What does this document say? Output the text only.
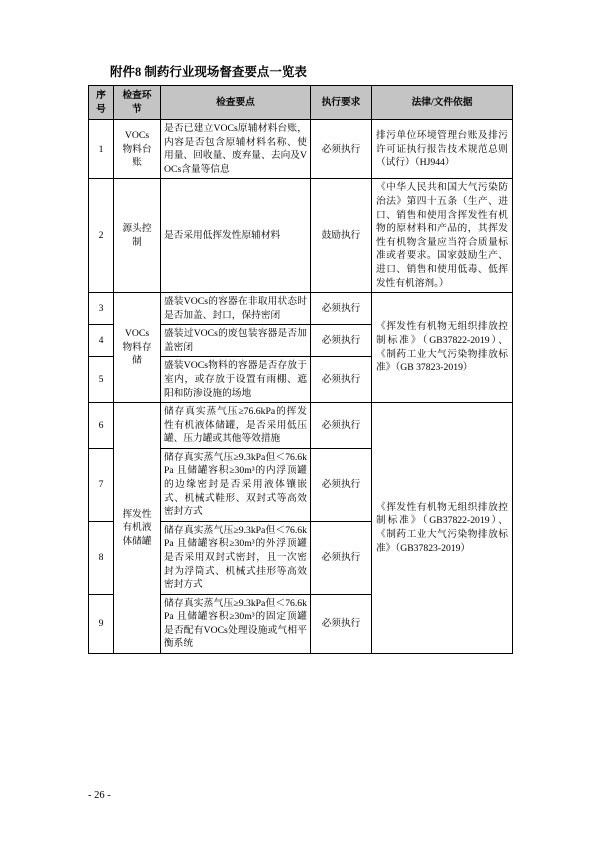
附件8 制药行业现场督查要点一览表
序号	检查环节	检查要点	执行要求	法律/文件依据
1	VOCs物料台账	是否已建立VOCs原辅材料台账，内容是否包含原辅材料名称、使用量、回收量、废弃量、去向及VOCs含量等信息	必须执行	排污单位环境管理台账及排污许可证执行报告技术规范总则（试行）（HJ944）
2	源头控制	是否采用低挥发性原辅材料	鼓励执行	《中华人民共和国大气污染防治法》第四十五条（生产、进口、销售和使用含挥发性有机物的原材料和产品的，其挥发性有机物含量应当符合质量标准或者要求。国家鼓励生产、进口、销售和使用低毒、低挥发性有机溶剂。）
3	VOCs物料存储	盛装VOCs的容器在非取用状态时是否加盖、封口，保持密闭	必须执行	《挥发性有机物无组织排放控制标准》（GB37822-2019）、《制药工业大气污染物排放标准》（GB 37823-2019）
4		盛装过VOCs的废包装容器是否加盖密闭	必须执行	
5		盛装VOCs物料的容器是否存放于室内，或存放于设置有雨棚、遮阳和防渗设施的场地	必须执行	
6	挥发性有机液体储罐	储存真实蒸气压≥76.6kPa的挥发性有机液体储罐，是否采用低压罐、压力罐或其他等效措施	必须执行	《挥发性有机物无组织排放控制标准》（GB37822-2019）、《制药工业大气污染物排放标准》（GB37823-2019）
7		储存真实蒸气压≥9.3kPa但＜76.6kPa 且储罐容积≥30m³的内浮顶罐的边缘密封是否采用液体镶嵌式、机械式鞋形、双封式等高效密封方式	必须执行	
8		储存真实蒸气压≥9.3kPa但＜76.6kPa 且储罐容积≥30m³的外浮顶罐是否采用双封式密封，且一次密封为浮筒式、机械式挂形等高效密封方式	必须执行	
9		储存真实蒸气压≥9.3kPa但＜76.6kPa 且储罐容积≥30m³的固定顶罐是否配有VOCs处理设施或气相平衡系统	必须执行	
- 26 -
